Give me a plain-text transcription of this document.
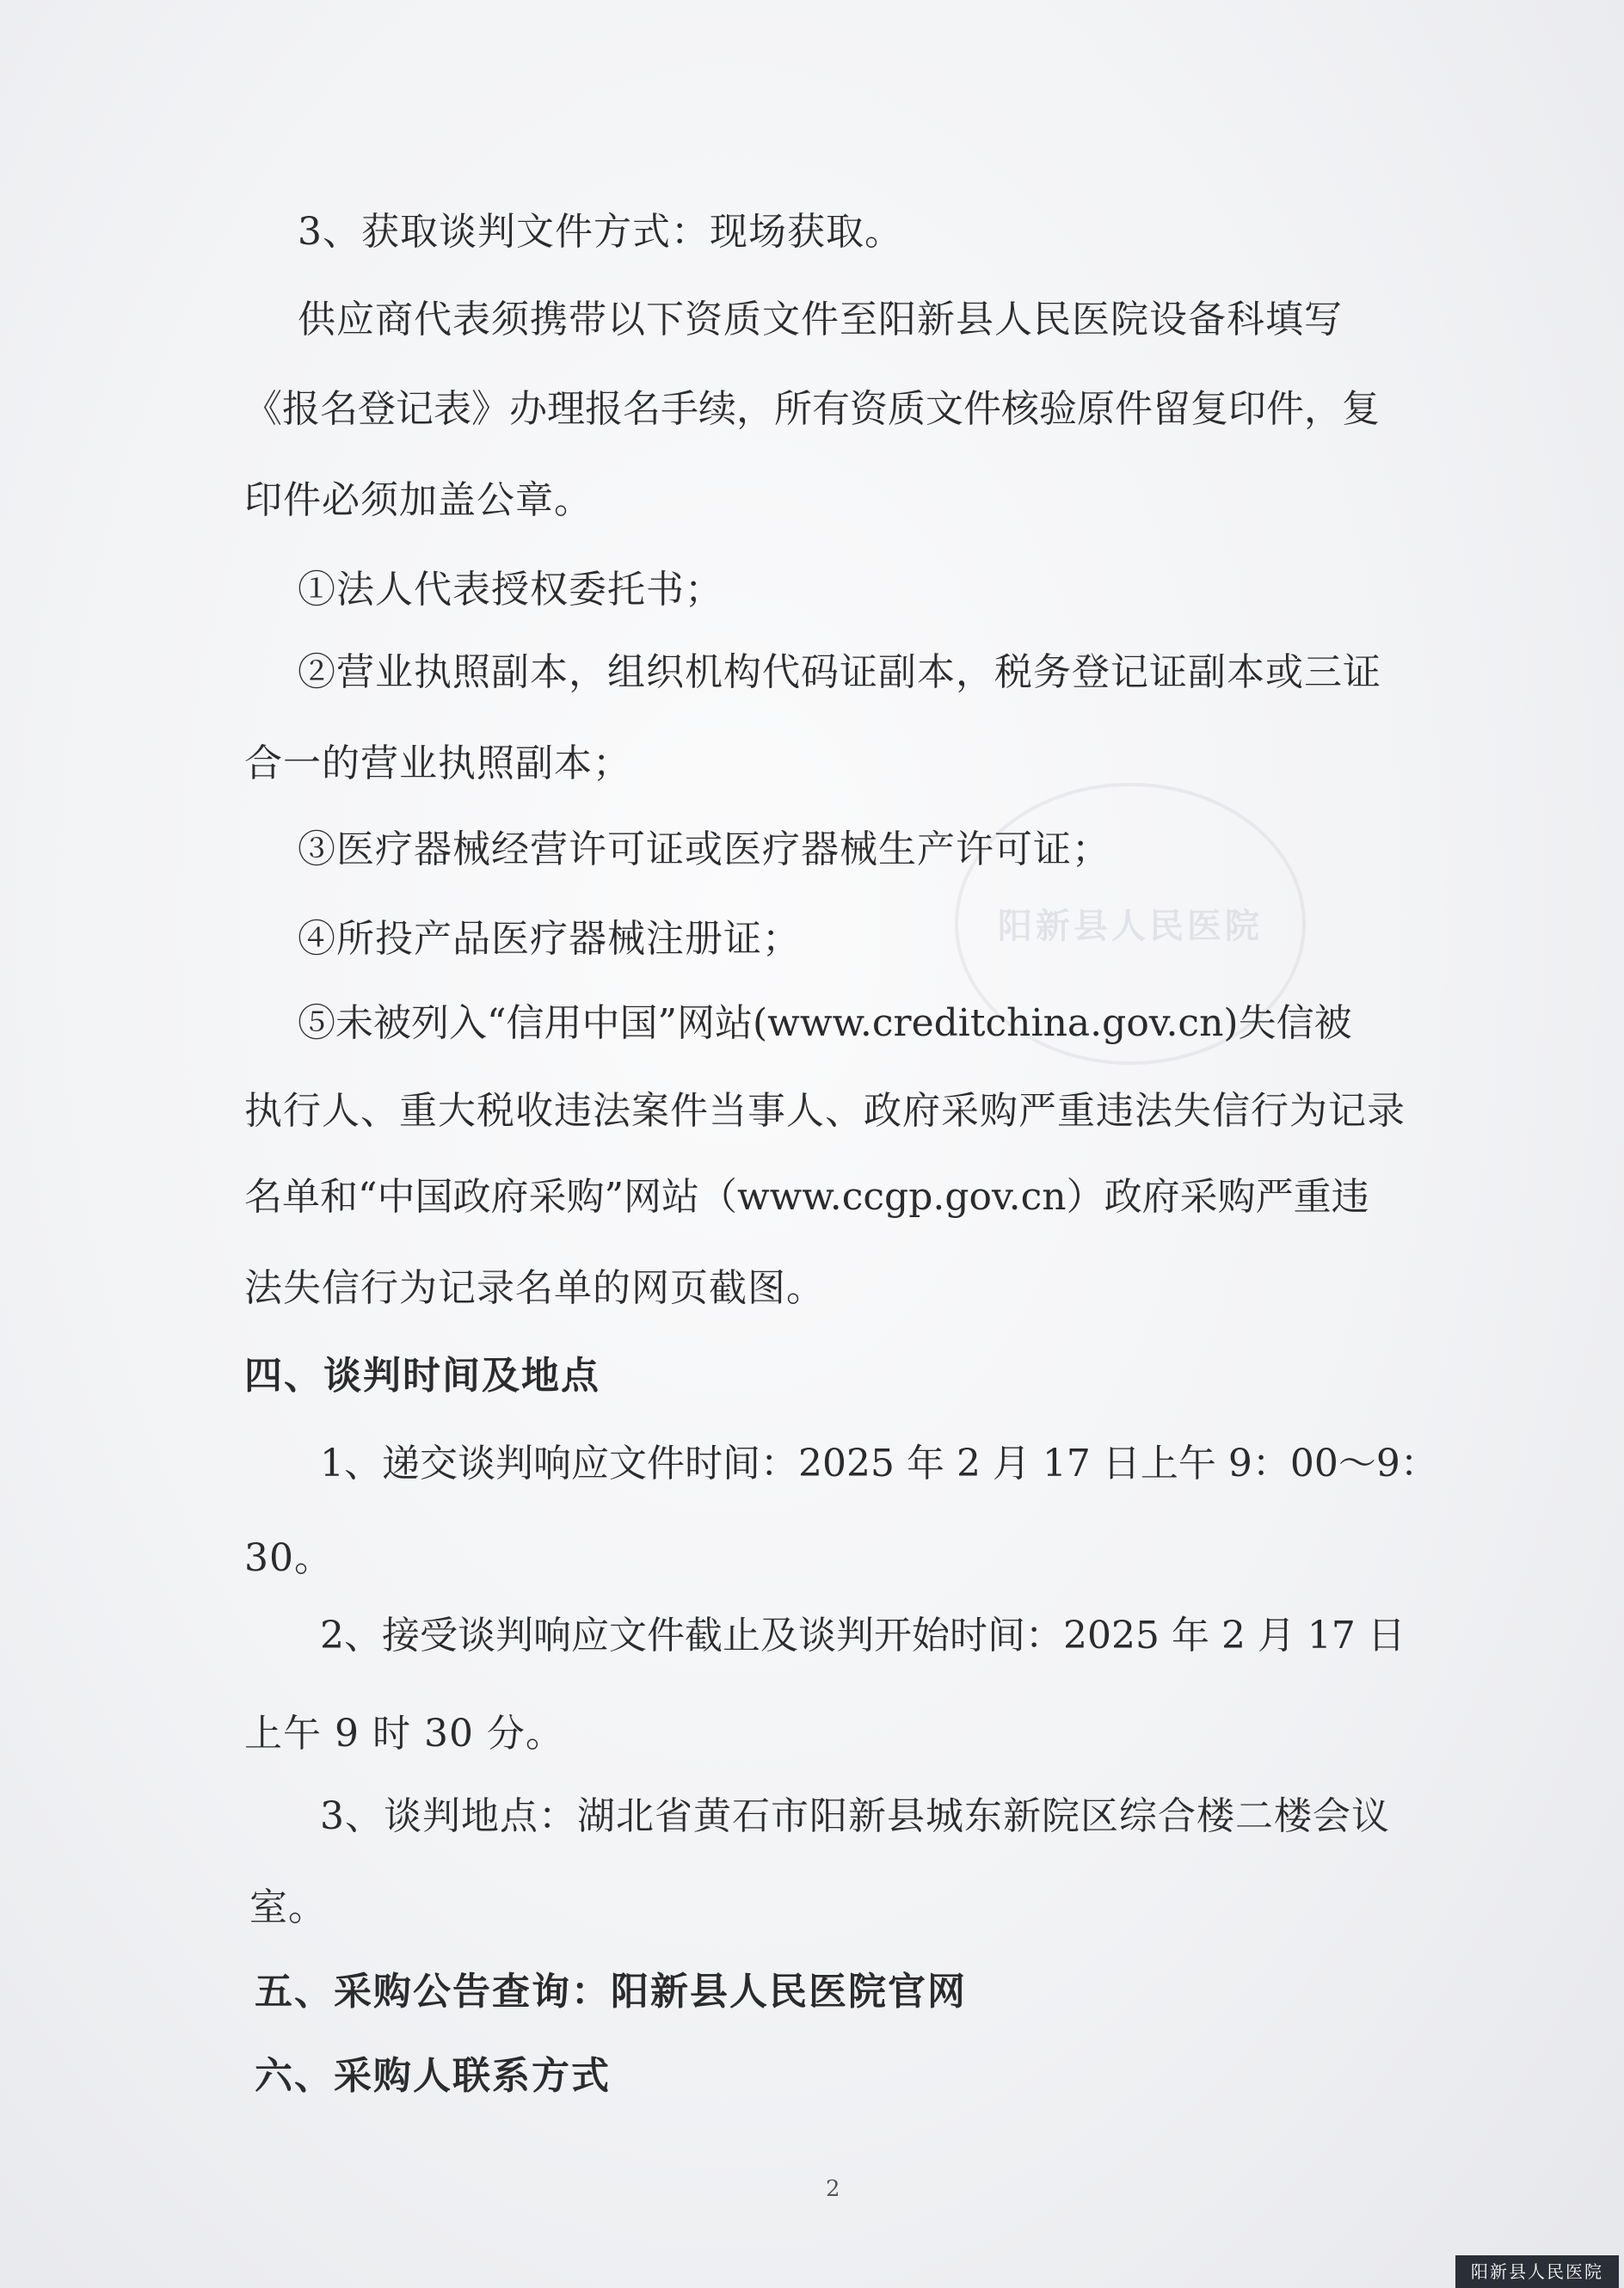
阳新县人民医院
3、获取谈判文件方式：现场获取。
供应商代表须携带以下资质文件至阳新县人民医院设备科填写
《报名登记表》办理报名手续，所有资质文件核验原件留复印件，复
印件必须加盖公章。
①法人代表授权委托书；
②营业执照副本，组织机构代码证副本，税务登记证副本或三证
合一的营业执照副本；
③医疗器械经营许可证或医疗器械生产许可证；
④所投产品医疗器械注册证；
⑤未被列入“信用中国”网站(www.creditchina.gov.cn)失信被
执行人、重大税收违法案件当事人、政府采购严重违法失信行为记录
名单和“中国政府采购”网站（www.ccgp.gov.cn）政府采购严重违
法失信行为记录名单的网页截图。
四、谈判时间及地点
1、递交谈判响应文件时间：2025 年 2 月 17 日上午 9：00～9：
30。
2、接受谈判响应文件截止及谈判开始时间：2025 年 2 月 17 日
上午 9 时 30 分。
3、谈判地点：湖北省黄石市阳新县城东新院区综合楼二楼会议
室。
五、采购公告查询：阳新县人民医院官网
六、采购人联系方式
2
阳新县人民医院
